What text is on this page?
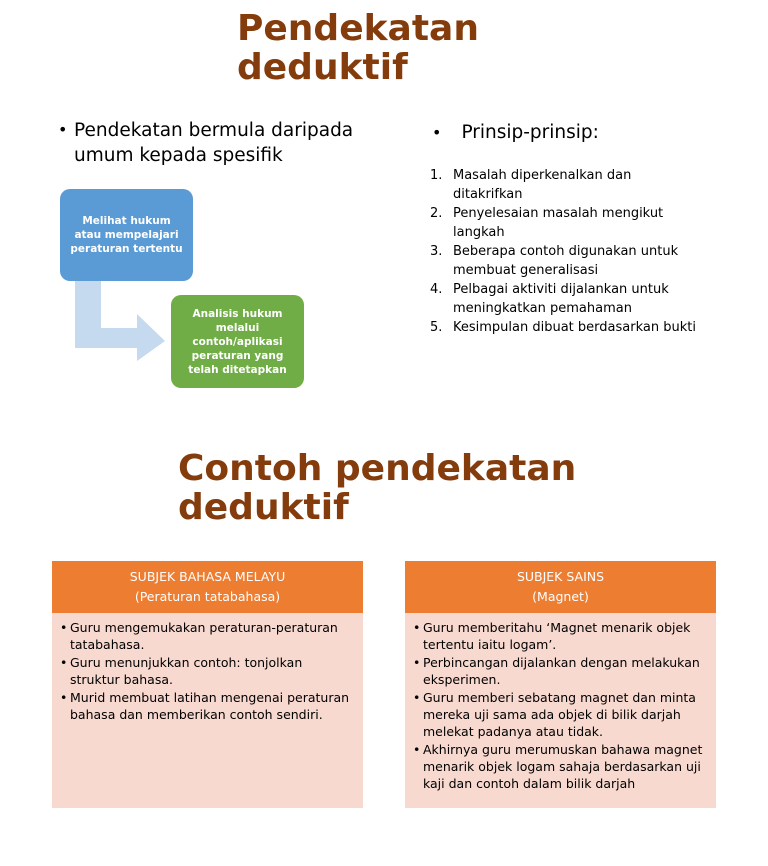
Pendekatan deduktif
• Pendekatan bermula daripada umum kepada spesifik
Melihat hukum atau mempelajari peraturan tertentu
Analisis hukum melalui contoh/aplikasi peraturan yang telah ditetapkan
• Prinsip-prinsip:
1. Masalah diperkenalkan dan ditakrifkan
2. Penyelesaian masalah mengikut langkah
3. Beberapa contoh digunakan untuk membuat generalisasi
4. Pelbagai aktiviti dijalankan untuk meningkatkan pemahaman
5. Kesimpulan dibuat berdasarkan bukti
Contoh pendekatan deduktif
SUBJEK BAHASA MELAYU
(Peraturan tatabahasa)
• Guru mengemukakan peraturan-peraturan tatabahasa.
• Guru menunjukkan contoh: tonjolkan struktur bahasa.
• Murid membuat latihan mengenai peraturan bahasa dan memberikan contoh sendiri.
SUBJEK SAINS
(Magnet)
• Guru memberitahu ‘Magnet menarik objek tertentu iaitu logam’.
• Perbincangan dijalankan dengan melakukan eksperimen.
• Guru memberi sebatang magnet dan minta mereka uji sama ada objek di bilik darjah melekat padanya atau tidak.
• Akhirnya guru merumuskan bahawa magnet menarik objek logam sahaja berdasarkan uji kaji dan contoh dalam bilik darjah
